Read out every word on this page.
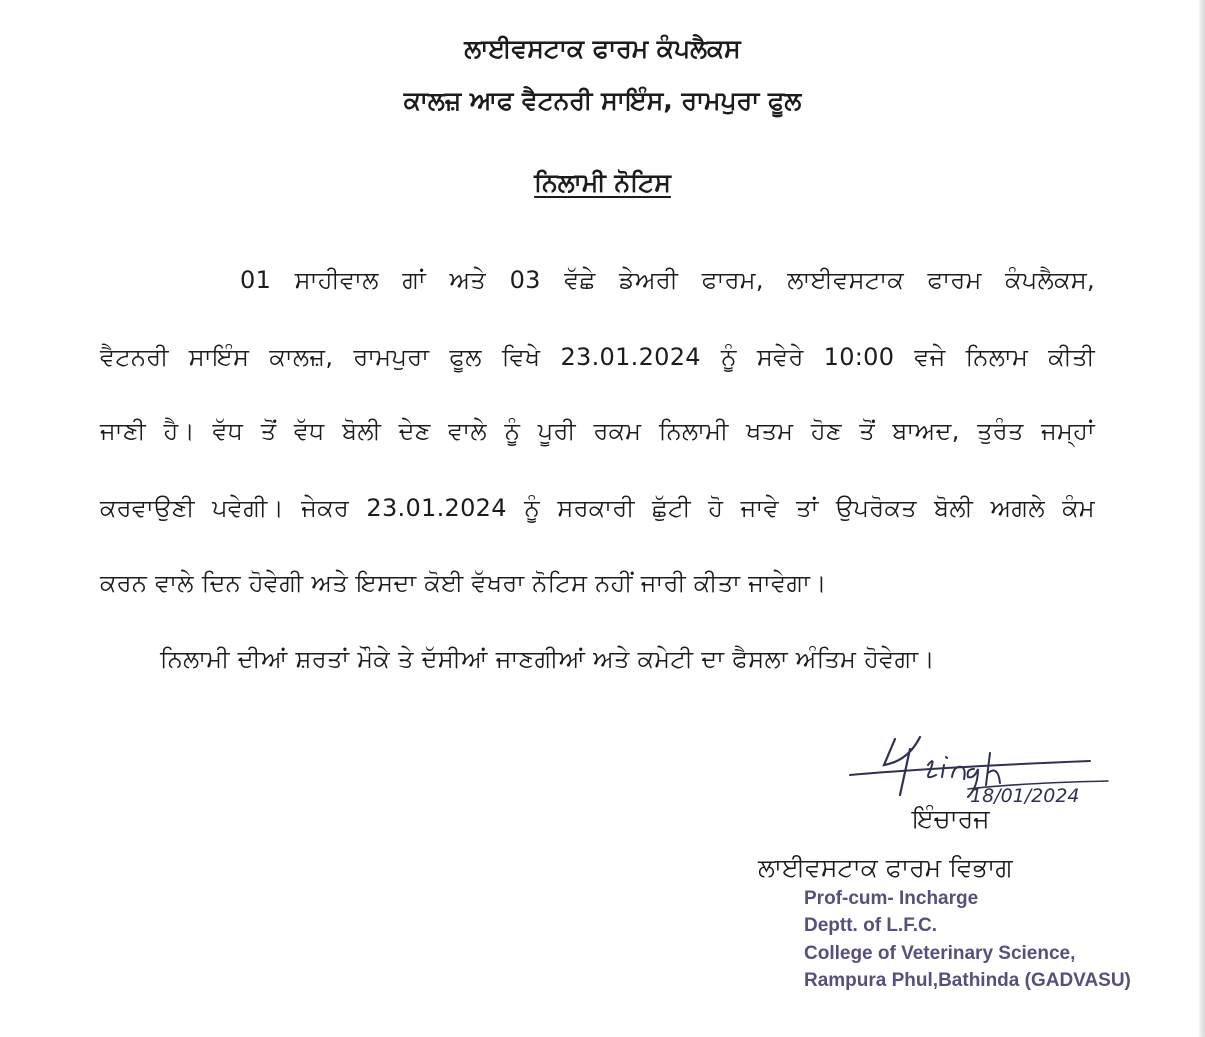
ਲਾਈਵਸਟਾਕ ਫਾਰਮ ਕੰਪਲੈਕਸ
ਕਾਲਜ਼ ਆਫ ਵੈਟਨਰੀ ਸਾਇੰਸ, ਰਾਮਪੁਰਾ ਫੂਲ
ਨਿਲਾਮੀ ਨੋਟਿਸ
01 ਸਾਹੀਵਾਲ ਗਾਂ ਅਤੇ 03 ਵੱਛੇ ਡੇਅਰੀ ਫਾਰਮ, ਲਾਈਵਸਟਾਕ ਫਾਰਮ ਕੰਪਲੈਕਸ,
ਵੈਟਨਰੀ ਸਾਇੰਸ ਕਾਲਜ਼, ਰਾਮਪੁਰਾ ਫੂਲ ਵਿਖੇ 23.01.2024 ਨੂੰ ਸਵੇਰੇ 10:00 ਵਜੇ ਨਿਲਾਮ ਕੀਤੀ
ਜਾਣੀ ਹੈ। ਵੱਧ ਤੋਂ ਵੱਧ ਬੋਲੀ ਦੇਣ ਵਾਲੇ ਨੂੰ ਪੂਰੀ ਰਕਮ ਨਿਲਾਮੀ ਖਤਮ ਹੋਣ ਤੋਂ ਬਾਅਦ, ਤੁਰੰਤ ਜਮ੍ਹਾਂ
ਕਰਵਾਉਣੀ ਪਵੇਗੀ। ਜੇਕਰ 23.01.2024 ਨੂੰ ਸਰਕਾਰੀ ਛੁੱਟੀ ਹੋ ਜਾਵੇ ਤਾਂ ਉਪਰੋਕਤ ਬੋਲੀ ਅਗਲੇ ਕੰਮ
ਕਰਨ ਵਾਲੇ ਦਿਨ ਹੋਵੇਗੀ ਅਤੇ ਇਸਦਾ ਕੋਈ ਵੱਖਰਾ ਨੋਟਿਸ ਨਹੀਂ ਜਾਰੀ ਕੀਤਾ ਜਾਵੇਗਾ।
ਨਿਲਾਮੀ ਦੀਆਂ ਸ਼ਰਤਾਂ ਮੌਕੇ ਤੇ ਦੱਸੀਆਂ ਜਾਣਗੀਆਂ ਅਤੇ ਕਮੇਟੀ ਦਾ ਫੈਸਲਾ ਅੰਤਿਮ ਹੋਵੇਗਾ।
18/01/2024
ਇੰਚਾਰਜ
ਲਾਈਵਸਟਾਕ ਫਾਰਮ ਵਿਭਾਗ
Prof-cum- Incharge
Deptt. of L.F.C.
College of Veterinary Science,
Rampura Phul,Bathinda (GADVASU)
